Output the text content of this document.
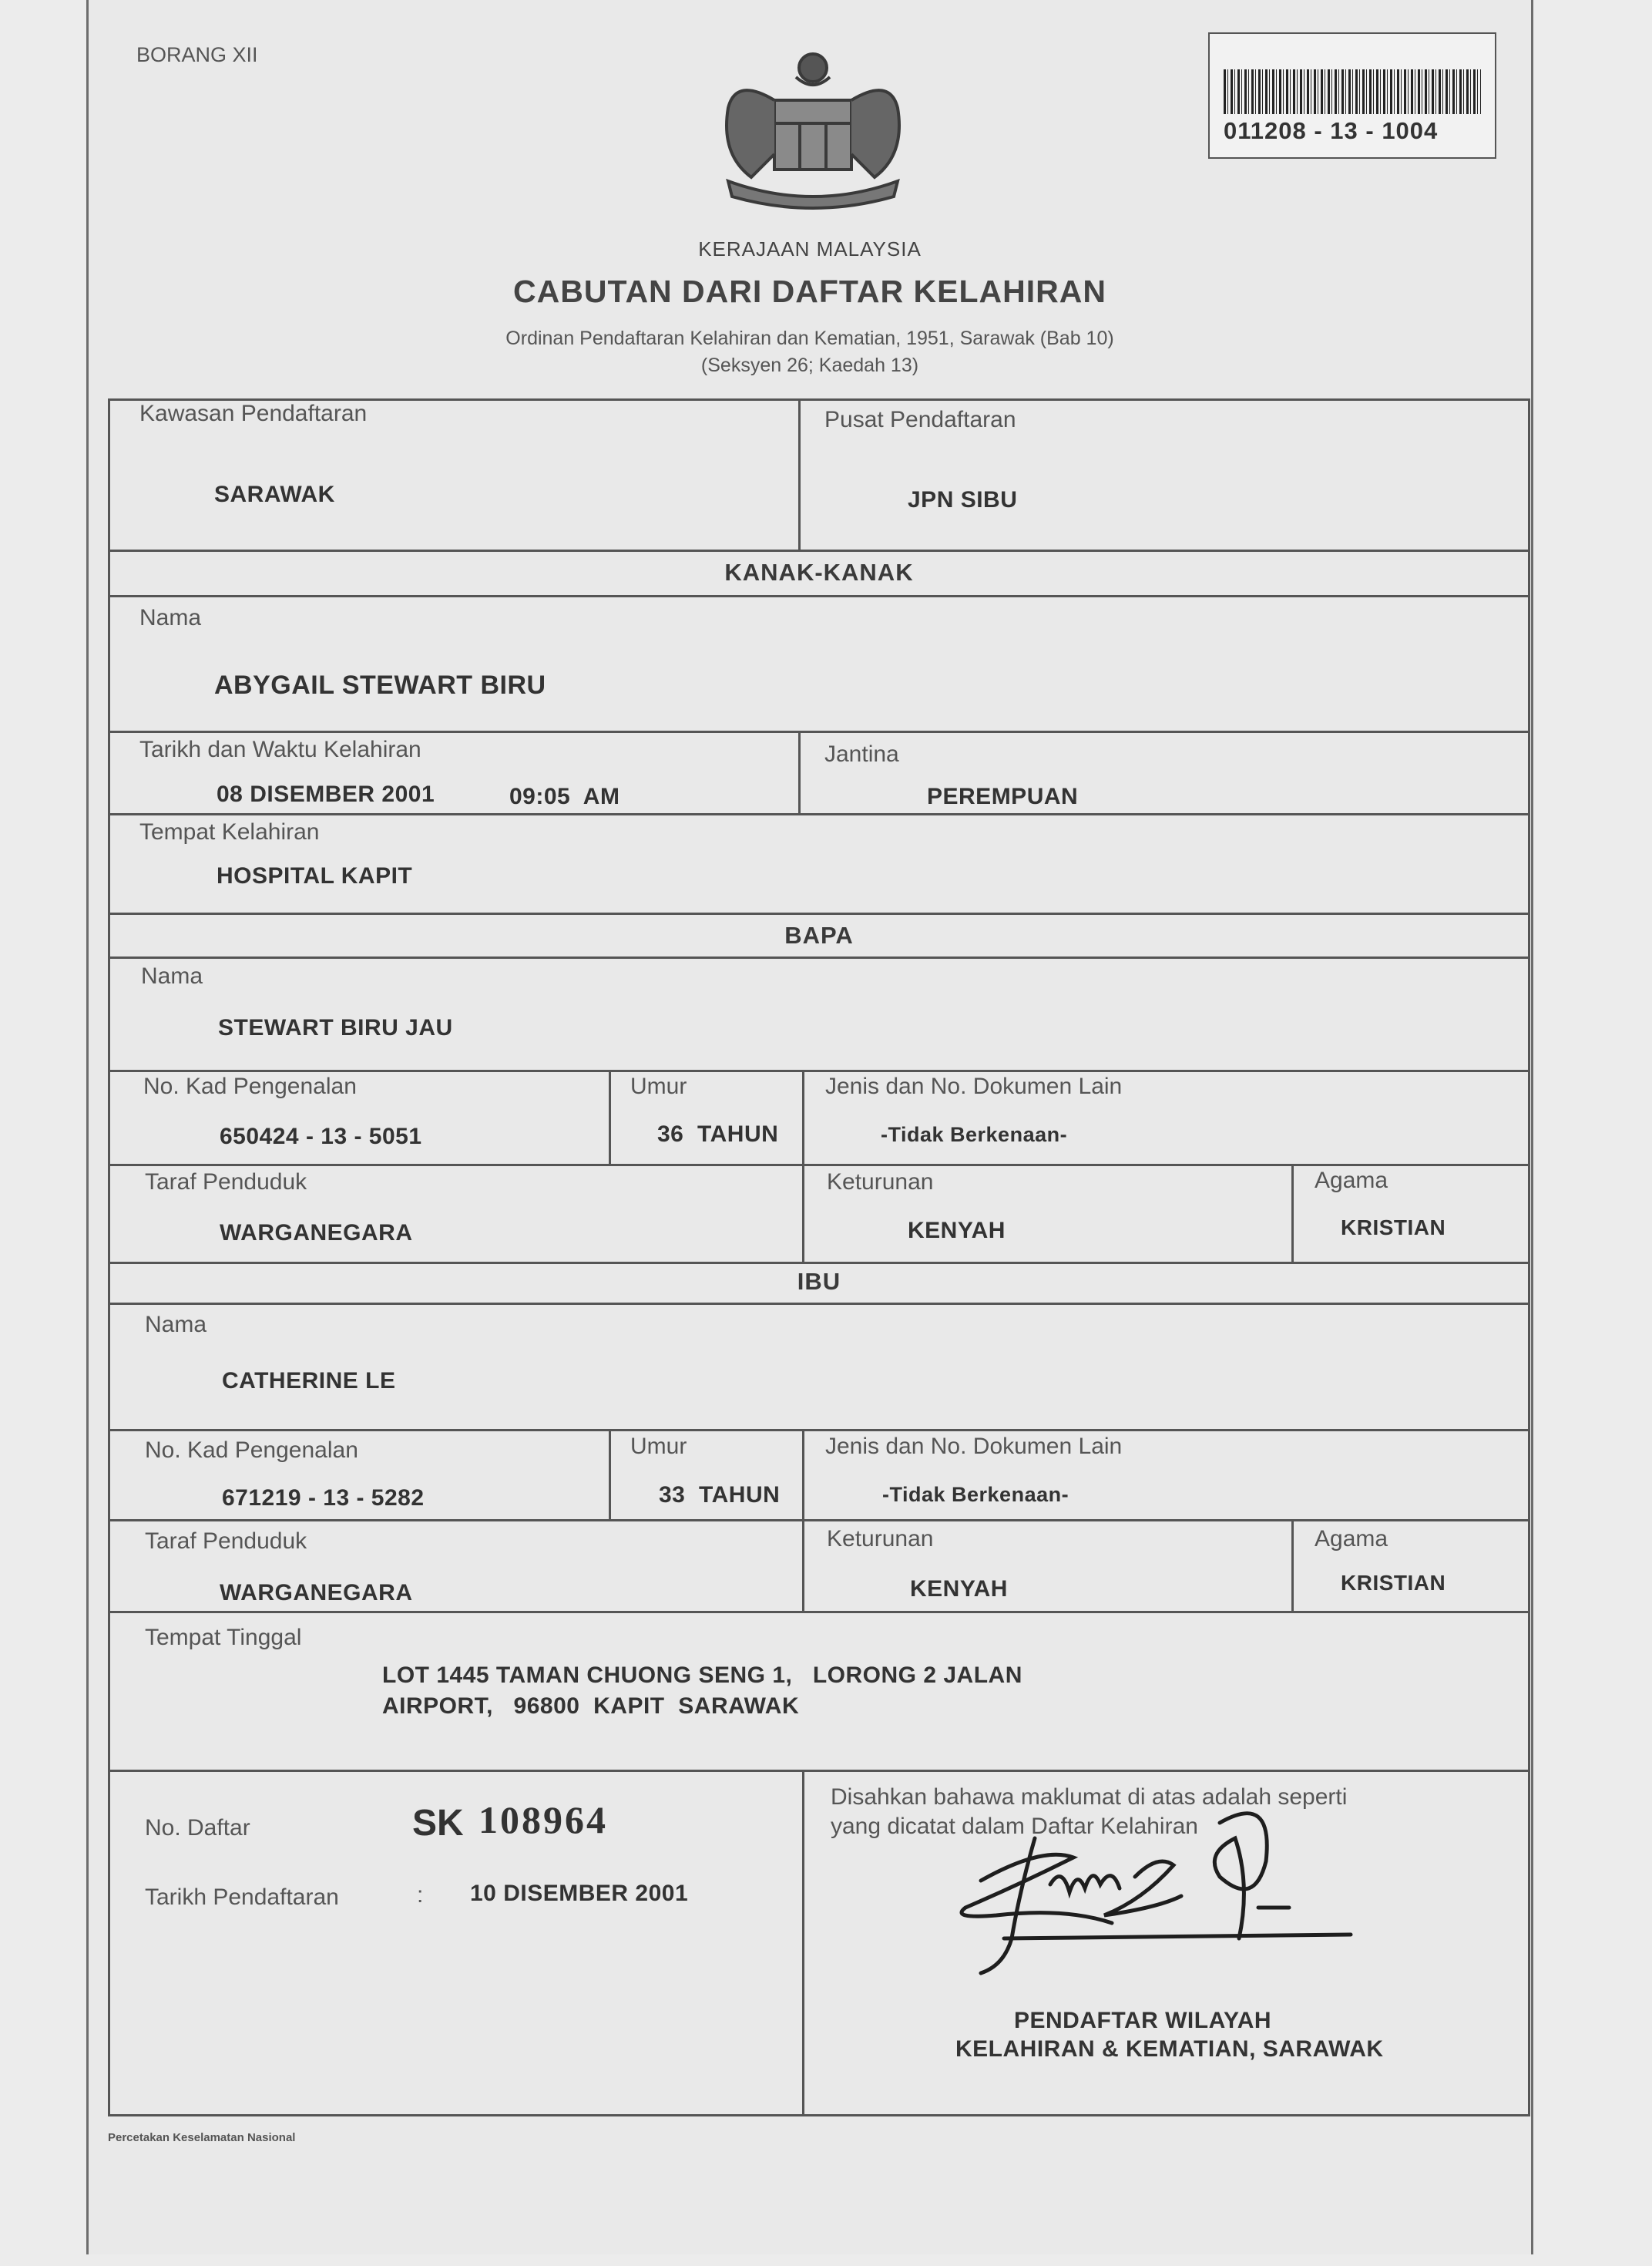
BORANG XII
011208 - 13 - 1004
KERAJAAN MALAYSIA
CABUTAN DARI DAFTAR KELAHIRAN
Ordinan Pendaftaran Kelahiran dan Kematian, 1951, Sarawak (Bab 10)
(Seksyen 26; Kaedah 13)
Kawasan Pendaftaran
SARAWAK
Pusat Pendaftaran
JPN SIBU
KANAK-KANAK
Nama
ABYGAIL STEWART BIRU
Tarikh dan Waktu Kelahiran
08 DISEMBER 2001	09:05  AM
Jantina
PEREMPUAN
Tempat Kelahiran
HOSPITAL KAPIT
BAPA
Nama
STEWART BIRU JAU
No. Kad Pengenalan
650424 - 13 - 5051
Umur
36  TAHUN
Jenis dan No. Dokumen Lain
-Tidak Berkenaan-
Taraf Penduduk
WARGANEGARA
Keturunan
KENYAH
Agama
KRISTIAN
IBU
Nama
CATHERINE LE
No. Kad Pengenalan
671219 - 13 - 5282
Umur
33  TAHUN
Jenis dan No. Dokumen Lain
-Tidak Berkenaan-
Taraf Penduduk
WARGANEGARA
Keturunan
KENYAH
Agama
KRISTIAN
Tempat Tinggal
LOT 1445 TAMAN CHUONG SENG 1,   LORONG 2 JALAN
AIRPORT,   96800  KAPIT  SARAWAK
No. Daftar	SK 108964
Tarikh Pendaftaran	: 10 DISEMBER 2001
Disahkan bahawa maklumat di atas adalah seperti
yang dicatat dalam Daftar Kelahiran
PENDAFTAR WILAYAH
KELAHIRAN & KEMATIAN, SARAWAK
Percetakan Keselamatan Nasional
